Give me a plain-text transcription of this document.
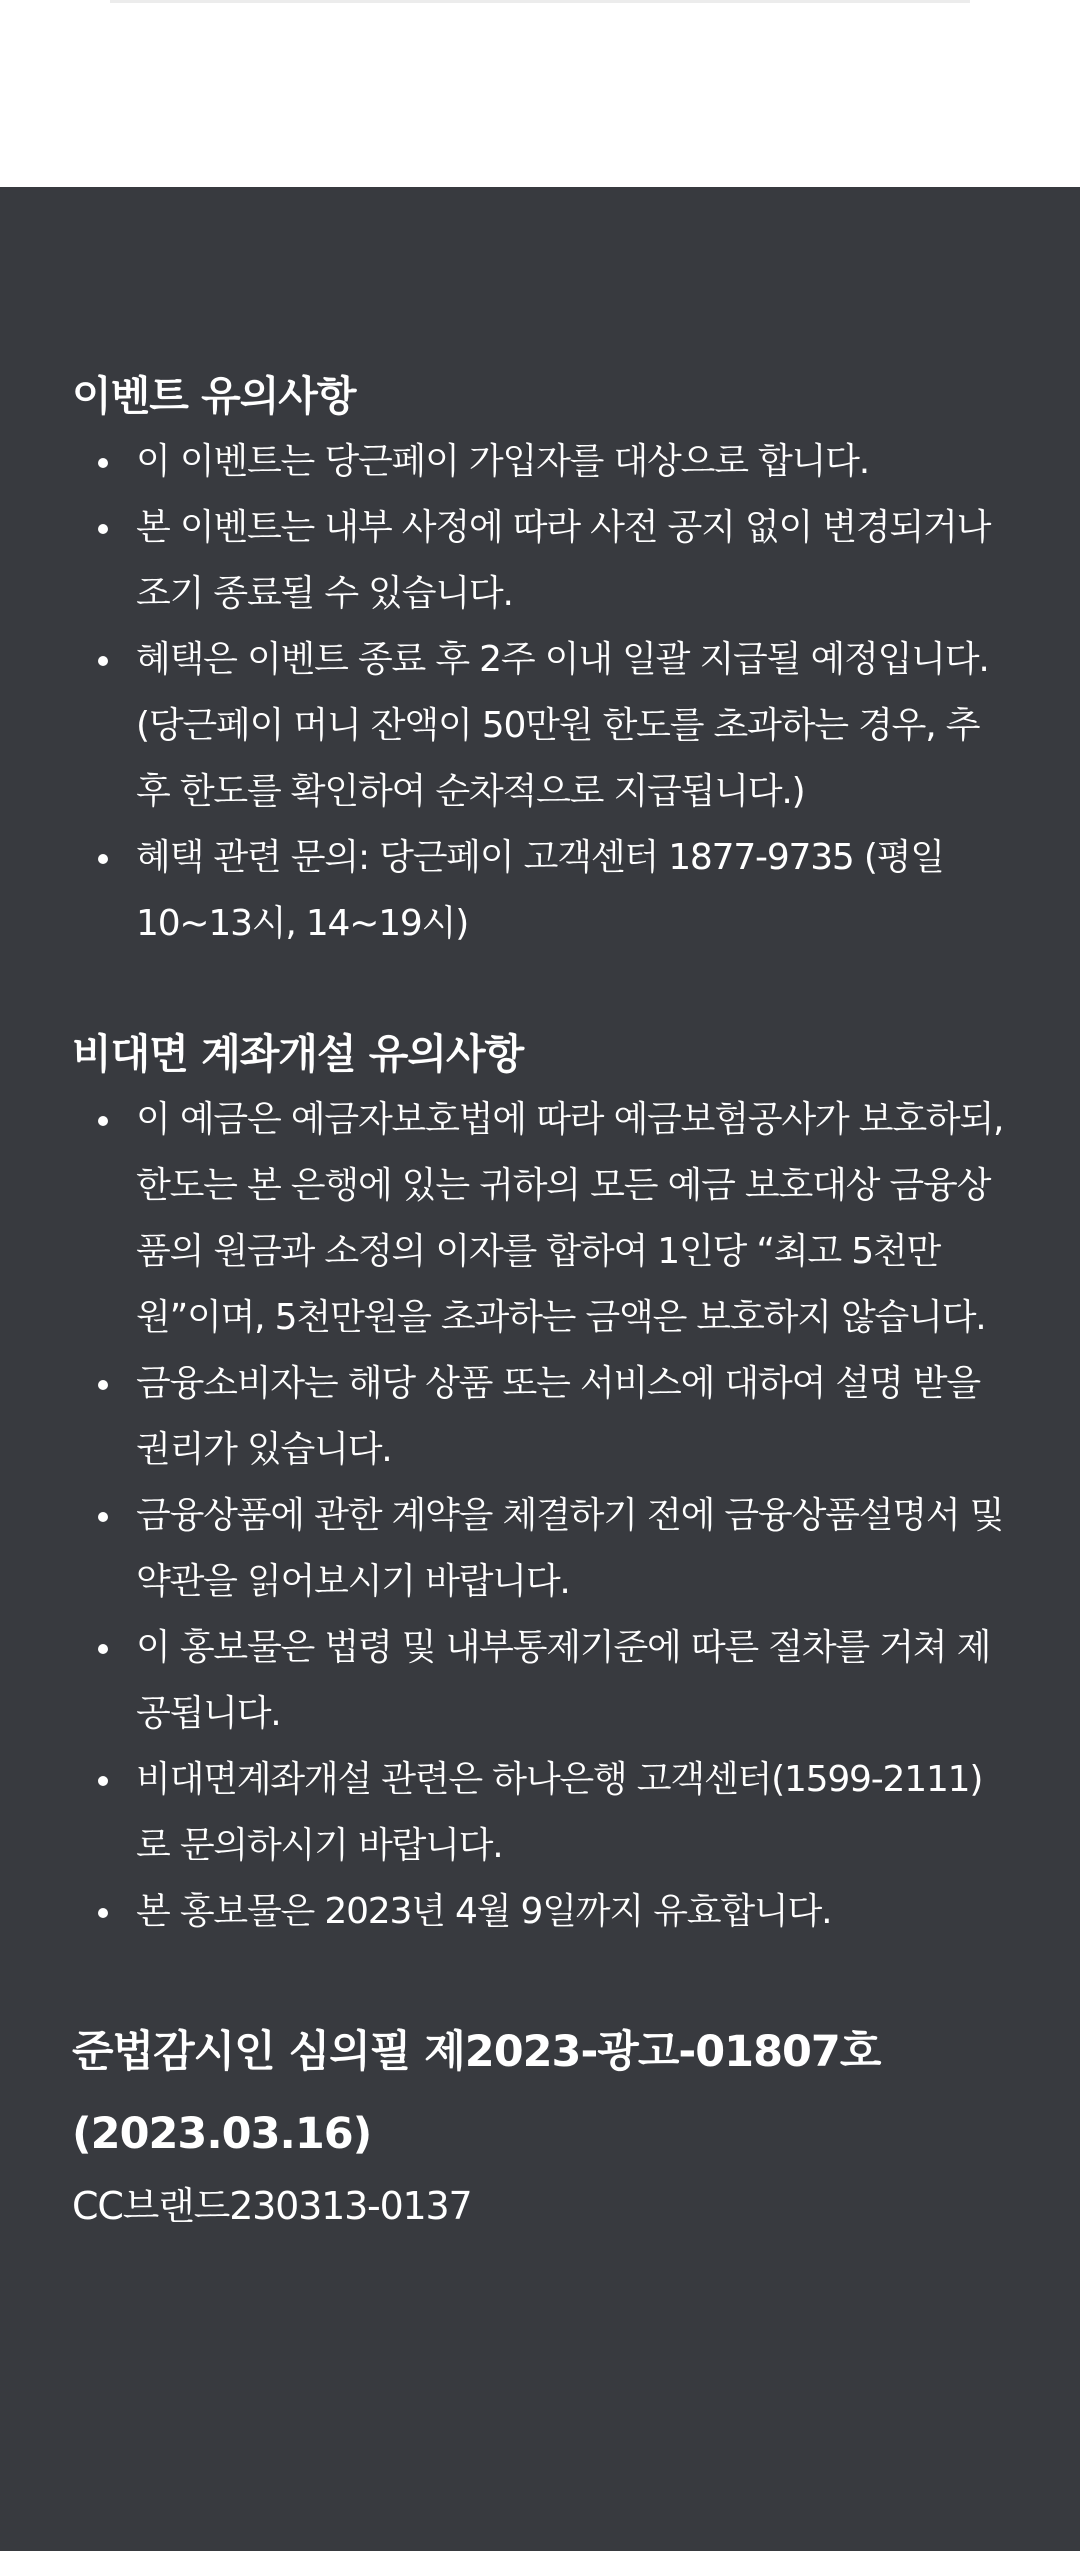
이벤트 유의사항
이 이벤트는 당근페이 가입자를 대상으로 합니다.
본 이벤트는 내부 사정에 따라 사전 공지 없이 변경되거나 조기 종료될 수 있습니다.
혜택은 이벤트 종료 후 2주 이내 일괄 지급될 예정입니다. (당근페이 머니 잔액이 50만원 한도를 초과하는 경우, 추후 한도를 확인하여 순차적으로 지급됩니다.)
혜택 관련 문의: 당근페이 고객센터 1877-9735 (평일 10~13시, 14~19시)
비대면 계좌개설 유의사항
이 예금은 예금자보호법에 따라 예금보험공사가 보호하되, 한도는 본 은행에 있는 귀하의 모든 예금 보호대상 금융상품의 원금과 소정의 이자를 합하여 1인당 “최고 5천만원”이며, 5천만원을 초과하는 금액은 보호하지 않습니다.
금융소비자는 해당 상품 또는 서비스에 대하여 설명 받을 권리가 있습니다.
금융상품에 관한 계약을 체결하기 전에 금융상품설명서 및 약관을 읽어보시기 바랍니다.
이 홍보물은 법령 및 내부통제기준에 따른 절차를 거쳐 제공됩니다.
비대면계좌개설 관련은 하나은행 고객센터(1599-2111)로 문의하시기 바랍니다.
본 홍보물은 2023년 4월 9일까지 유효합니다.

준법감시인 심의필 제2023-광고-01807호 (2023.03.16)

CC브랜드230313-0137
